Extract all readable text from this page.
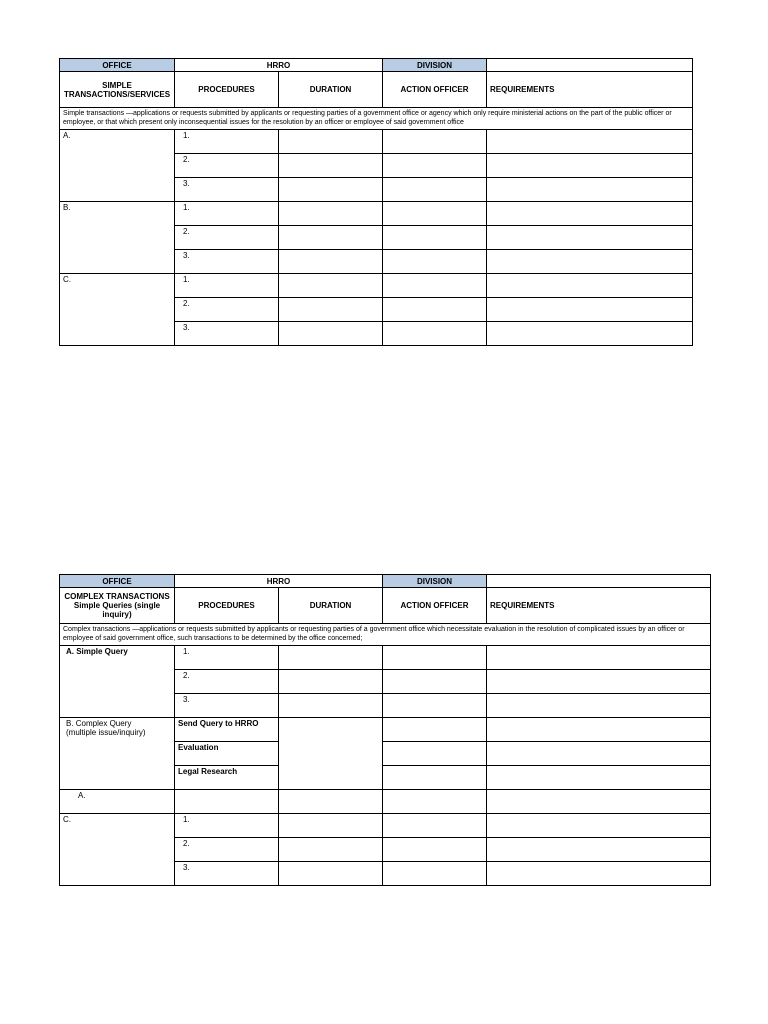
OFFICE	HRRO		DIVISION	
SIMPLE TRANSACTIONS/SERVICES	PROCEDURES	DURATION	ACTION OFFICER	REQUIREMENTS
Simple transactions —applications or requests submitted by applicants or requesting parties of a government office or agency which only require ministerial actions on the part of the public officer or employee, or that which present only inconsequential issues for the resolution by an officer or employee of said government office				
A.	1.			
	2.			
	3.			
B.	1.			
	2.			
	3.			
C.	1.			
	2.			
	3.			
OFFICE	HRRO		DIVISION	

COMPLEX TRANSACTIONS
Simple Queries (single inquiry)	PROCEDURES	DURATION	ACTION OFFICER	REQUIREMENTS
Complex transactions —applications or requests submitted by applicants or requesting parties of a government office which necessitate evaluation in the resolution of complicated issues by an officer or employee of said government office, such transactions to be determined by the office concerned;				
A. Simple Query	1.			
	2.			
	3.			
B. Complex Query (multiple issue/inquiry)	Send Query to HRRO			
	Evaluation			
	Legal Research			
A.				
C.	1.			
	2.			
	3.			
